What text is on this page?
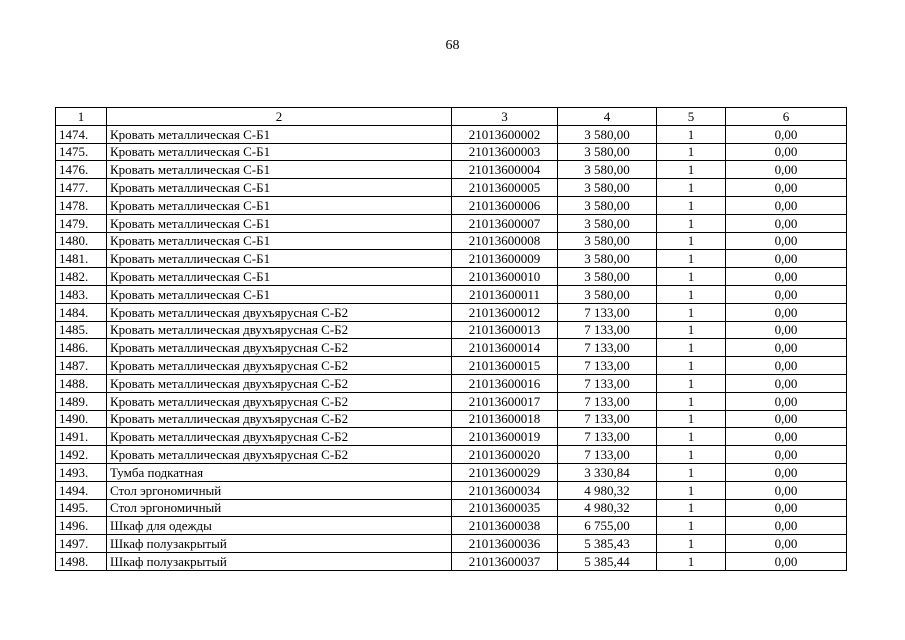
68
1	2	3	4	5	6
1474.	Кровать металлическая С-Б1	21013600002	3 580,00	1	0,00
1475.	Кровать металлическая С-Б1	21013600003	3 580,00	1	0,00
1476.	Кровать металлическая С-Б1	21013600004	3 580,00	1	0,00
1477.	Кровать металлическая С-Б1	21013600005	3 580,00	1	0,00
1478.	Кровать металлическая С-Б1	21013600006	3 580,00	1	0,00
1479.	Кровать металлическая С-Б1	21013600007	3 580,00	1	0,00
1480.	Кровать металлическая С-Б1	21013600008	3 580,00	1	0,00
1481.	Кровать металлическая С-Б1	21013600009	3 580,00	1	0,00
1482.	Кровать металлическая С-Б1	21013600010	3 580,00	1	0,00
1483.	Кровать металлическая С-Б1	21013600011	3 580,00	1	0,00
1484.	Кровать металлическая двухъярусная С-Б2	21013600012	7 133,00	1	0,00
1485.	Кровать металлическая двухъярусная С-Б2	21013600013	7 133,00	1	0,00
1486.	Кровать металлическая двухъярусная С-Б2	21013600014	7 133,00	1	0,00
1487.	Кровать металлическая двухъярусная С-Б2	21013600015	7 133,00	1	0,00
1488.	Кровать металлическая двухъярусная С-Б2	21013600016	7 133,00	1	0,00
1489.	Кровать металлическая двухъярусная С-Б2	21013600017	7 133,00	1	0,00
1490.	Кровать металлическая двухъярусная С-Б2	21013600018	7 133,00	1	0,00
1491.	Кровать металлическая двухъярусная С-Б2	21013600019	7 133,00	1	0,00
1492.	Кровать металлическая двухъярусная С-Б2	21013600020	7 133,00	1	0,00
1493.	Тумба подкатная	21013600029	3 330,84	1	0,00
1494.	Стол эргономичный	21013600034	4 980,32	1	0,00
1495.	Стол эргономичный	21013600035	4 980,32	1	0,00
1496.	Шкаф для одежды	21013600038	6 755,00	1	0,00
1497.	Шкаф полузакрытый	21013600036	5 385,43	1	0,00
1498.	Шкаф полузакрытый	21013600037	5 385,44	1	0,00
